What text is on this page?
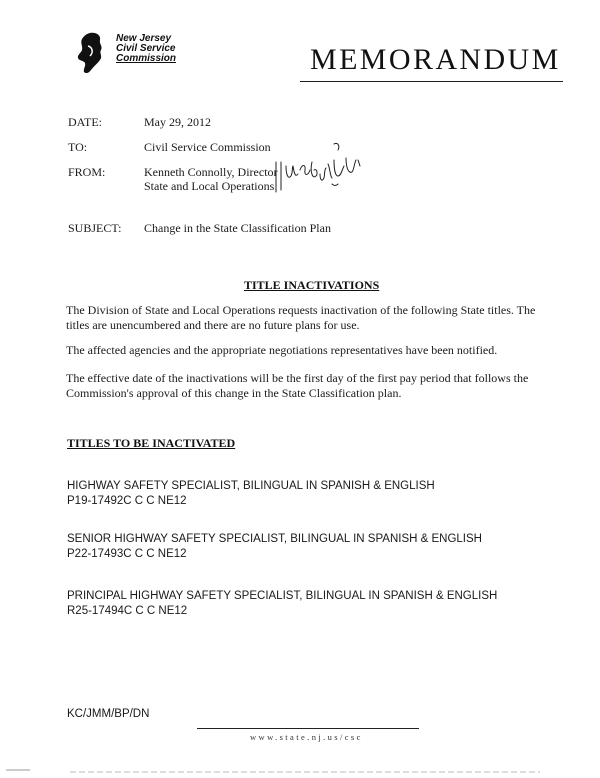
New Jersey
Civil Service
Commission	MEMORANDUM
DATE:	May 29, 2012
TO:	Civil Service Commission
FROM:	Kenneth Connolly, Director
State and Local Operations
SUBJECT: Change in the State Classification Plan
TITLE INACTIVATIONS
The Division of State and Local Operations requests inactivation of the following State titles. The titles are unencumbered and there are no future plans for use.
The affected agencies and the appropriate negotiations representatives have been notified.
The effective date of the inactivations will be the first day of the first pay period that follows the Commission's approval of this change in the State Classification plan.
TITLES TO BE INACTIVATED
HIGHWAY SAFETY SPECIALIST, BILINGUAL IN SPANISH & ENGLISH
P19-17492C C C NE12
SENIOR HIGHWAY SAFETY SPECIALIST, BILINGUAL IN SPANISH & ENGLISH
P22-17493C C C NE12
PRINCIPAL HIGHWAY SAFETY SPECIALIST, BILINGUAL IN SPANISH & ENGLISH
R25-17494C C C NE12
KC/JMM/BP/DN
www.state.nj.us/csc
